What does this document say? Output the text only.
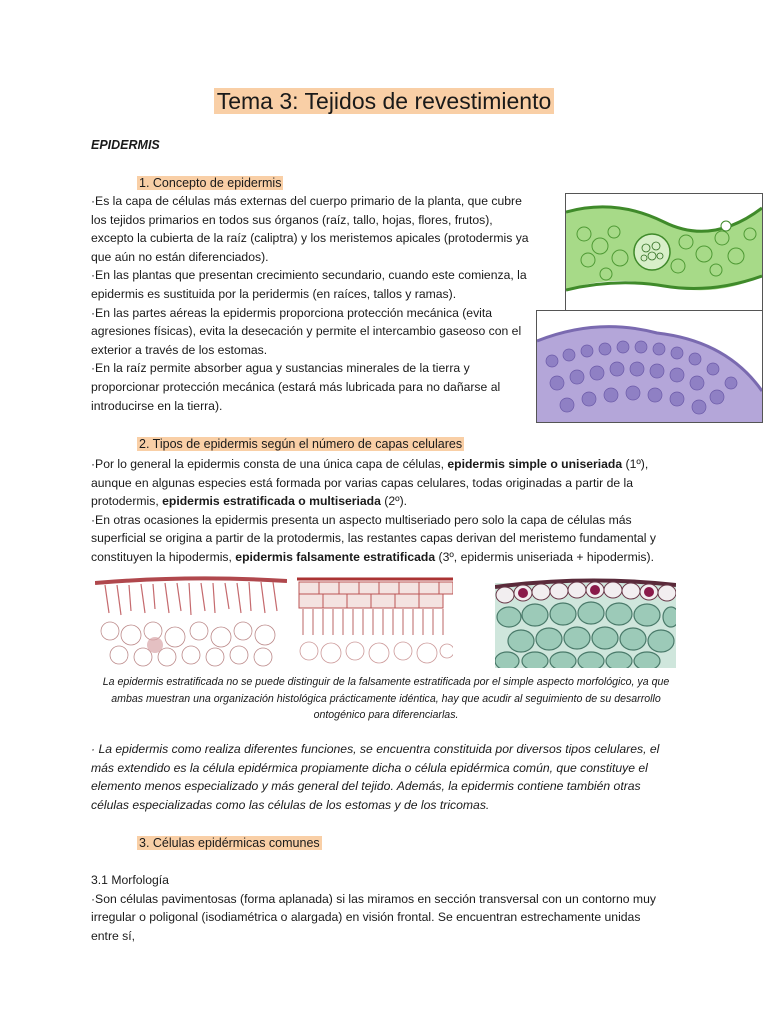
Tema 3: Tejidos de revestimiento
EPIDERMIS
1. Concepto de epidermis

·Es la capa de células más externas del cuerpo primario de la planta, que cubre los tejidos primarios en todos sus órganos (raíz, tallo, hojas, flores, frutos), excepto la cubierta de la raíz (caliptra) y los meristemos apicales (protodermis ya que aún no están diferenciados).

·En las plantas que presentan crecimiento secundario, cuando este comienza, la epidermis es sustituida por la peridermis (en raíces, tallos y ramas).

·En las partes aéreas la epidermis proporciona protección mecánica (evita agresiones físicas), evita la desecación y permite el intercambio gaseoso con el exterior a través de los estomas.

·En la raíz permite absorber agua y sustancias minerales de la tierra y proporcionar protección mecánica (estará más lubricada para no dañarse al introducirse en la tierra).

2. Tipos de epidermis según el número de capas celulares

·Por lo general la epidermis consta de una única capa de células, epidermis simple o uniseriada (1º), aunque en algunas especies está formada por varias capas celulares, todas originadas a partir de la protodermis, epidermis estratificada o multiseriada (2º).

·En otras ocasiones la epidermis presenta un aspecto multiseriado pero solo la capa de células más superficial se origina a partir de la protodermis, las restantes capas derivan del meristemo fundamental y constituyen la hipodermis, epidermis falsamente estratificada (3º, epidermis uniseriada + hipodermis).

La epidermis estratificada no se puede distinguir de la falsamente estratificada por el simple aspecto morfológico, ya que ambas muestran una organización histológica prácticamente idéntica, hay que acudir al seguimiento de su desarrollo ontogénico para diferenciarlas.

· La epidermis como realiza diferentes funciones, se encuentra constituida por diversos tipos celulares, el más extendido es la célula epidérmica propiamente dicha o célula epidérmica común, que constituye el elemento menos especializado y más general del tejido. Además, la epidermis contiene también otras células especializadas como las células de los estomas y de los tricomas.

3. Células epidérmicas comunes

3.1 Morfología

·Son células pavimentosas (forma aplanada) si las miramos en sección transversal con un contorno muy irregular o poligonal (isodiamétrica o alargada) en visión frontal. Se encuentran estrechamente unidas entre sí,
